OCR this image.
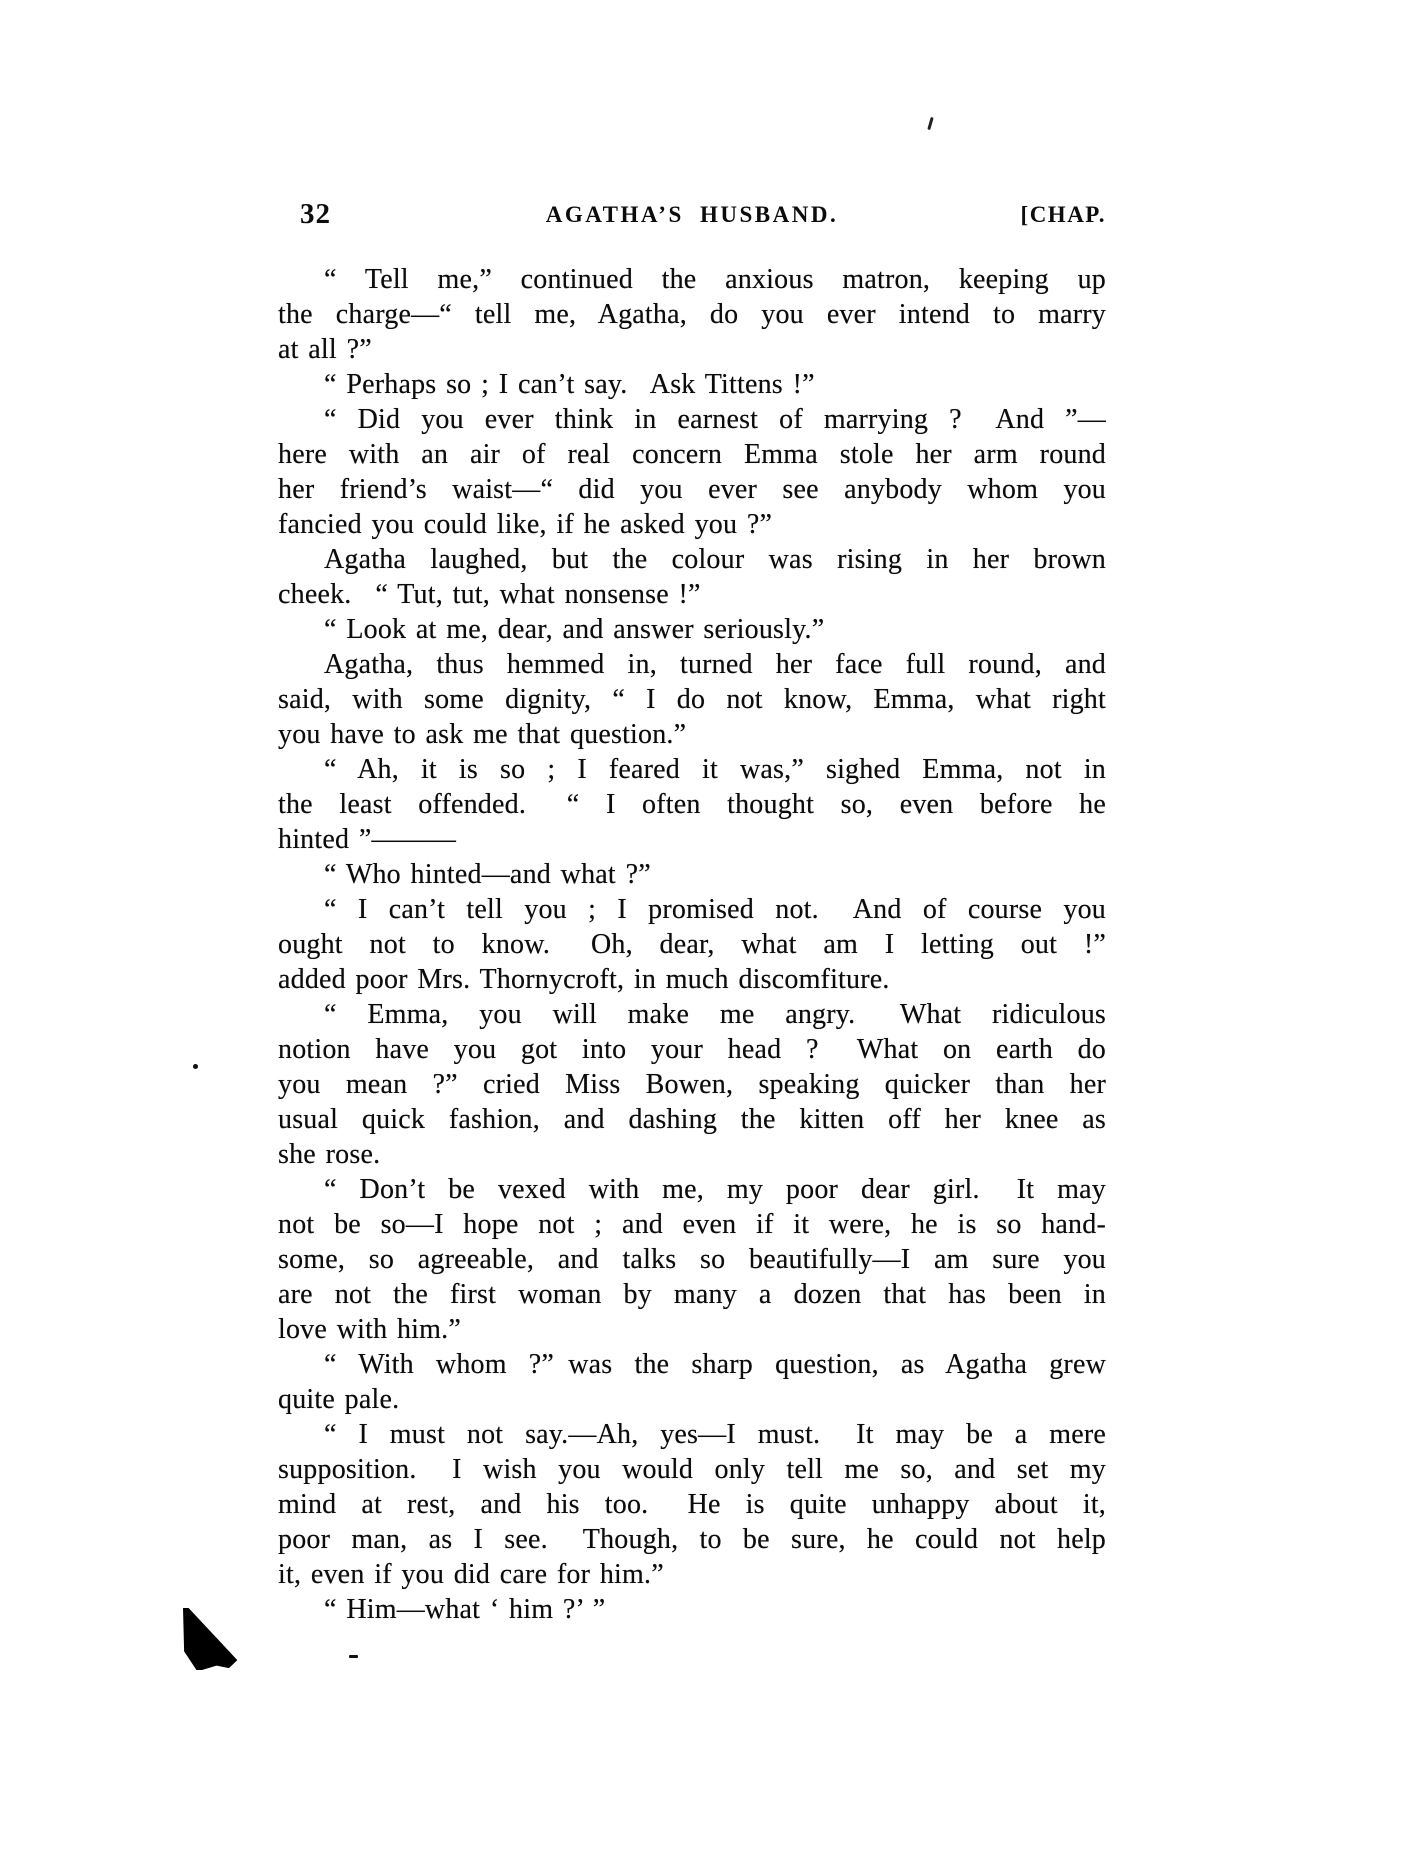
32	AGATHA’S HUSBAND.	[CHAP.
“ Tell me,” continued the anxious matron, keeping up
the charge—“ tell me, Agatha, do you ever intend to marry
at all ?”
“ Perhaps so ; I can’t say.  Ask Tittens !”
“ Did you ever think in earnest of marrying ?  And ”—
here with an air of real concern Emma stole her arm round
her friend’s waist—“ did you ever see anybody whom you
fancied you could like, if he asked you ?”
Agatha laughed, but the colour was rising in her brown
cheek.  “ Tut, tut, what nonsense !”
“ Look at me, dear, and answer seriously.”
Agatha, thus hemmed in, turned her face full round, and
said, with some dignity, “ I do not know, Emma, what right
you have to ask me that question.”
“ Ah, it is so ; I feared it was,” sighed Emma, not in
the least offended.  “ I often thought so, even before he
hinted ”———
“ Who hinted—and what ?”
“ I can’t tell you ; I promised not.  And of course you
ought not to know.  Oh, dear, what am I letting out !”
added poor Mrs. Thornycroft, in much discomfiture.
“ Emma, you will make me angry.  What ridiculous
notion have you got into your head ?  What on earth do
you mean ?” cried Miss Bowen, speaking quicker than her
usual quick fashion, and dashing the kitten off her knee as
she rose.
“ Don’t be vexed with me, my poor dear girl.  It may
not be so—I hope not ; and even if it were, he is so hand-
some, so agreeable, and talks so beautifully—I am sure you
are not the first woman by many a dozen that has been in
love with him.”
“ With whom ?” was the sharp question, as Agatha grew
quite pale.
“ I must not say.—Ah, yes—I must.  It may be a mere
supposition.  I wish you would only tell me so, and set my
mind at rest, and his too.  He is quite unhappy about it,
poor man, as I see.  Though, to be sure, he could not help
it, even if you did care for him.”
“ Him—what ‘ him ?’ ”
